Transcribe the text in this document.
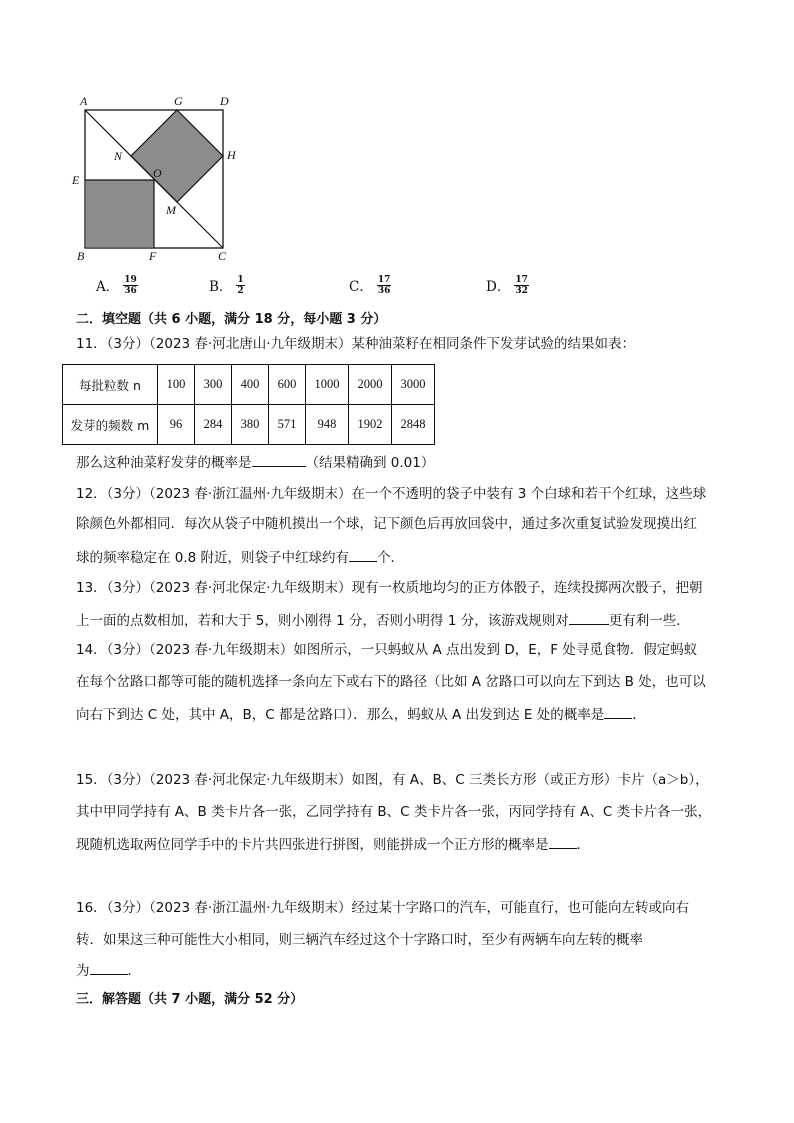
A	G	D
N
O
H
E
M
B	F	C
A． $\frac{19}{36}$	B． $\frac{1}{2}$	C． $\frac{17}{36}$	D． $\frac{17}{32}$
二．填空题（共 6 小题，满分 18 分，每小题 3 分）
11．（3分）（2023 春·河北唐山·九年级期末）某种油菜籽在相同条件下发芽试验的结果如表：
每批粒数 n	100	300	400	600	1000	2000	3000
发芽的频数 m	96	284	380	571	948	1902	2848
那么这种油菜籽发芽的概率是	（结果精确到 0.01）
12．（3分）（2023 春·浙江温州·九年级期末）在一个不透明的袋子中装有 3 个白球和若干个红球，这些球
除颜色外都相同．每次从袋子中随机摸出一个球，记下颜色后再放回袋中，通过多次重复试验发现摸出红
球的频率稳定在 0.8 附近，则袋子中红球约有 个．
13．（3分）（2023 春·河北保定·九年级期末）现有一枚质地均匀的正方体骰子，连续投掷两次骰子，把朝
上一面的点数相加，若和大于 5，则小刚得 1 分，否则小明得 1 分，该游戏规则对	更有利一些．
14．（3分）（2023 春·九年级期末）如图所示，一只蚂蚁从 A 点出发到 D，E，F 处寻觅食物．假定蚂蚁
在每个岔路口都等可能的随机选择一条向左下或右下的路径（比如 A 岔路口可以向左下到达 B 处，也可以
向右下到达 C 处，其中 A，B，C 都是岔路口）．那么，蚂蚁从 A 出发到达 E 处的概率是 ．
15．（3分）（2023 春·河北保定·九年级期末）如图，有 A、B、C 三类长方形（或正方形）卡片（a＞b），
其中甲同学持有 A、B 类卡片各一张，乙同学持有 B、C 类卡片各一张，丙同学持有 A、C 类卡片各一张，
现随机选取两位同学手中的卡片共四张进行拼图，则能拼成一个正方形的概率是 ．
16．（3分）（2023 春·浙江温州·九年级期末）经过某十字路口的汽车，可能直行，也可能向左转或向右
转．如果这三种可能性大小相同，则三辆汽车经过这个十字路口时，至少有两辆车向左转的概率
为	．
三．解答题（共 7 小题，满分 52 分）
